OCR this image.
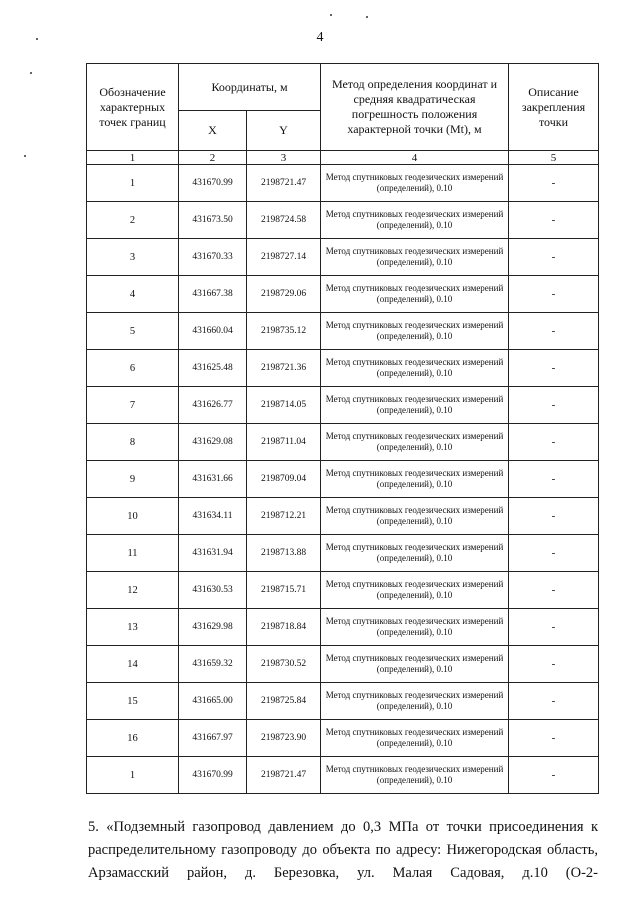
4
Обозначение характерных точек границ	Координаты, м		Метод определения координат и средняя квадратическая погрешность положения характерной точки (Mt), м	Описание закрепления точки
	X	Y		
1	2	3	4	5
1	431670.99	2198721.47	Метод спутниковых геодезических измерений (определений), 0.10	-
2	431673.50	2198724.58	Метод спутниковых геодезических измерений (определений), 0.10	-
3	431670.33	2198727.14	Метод спутниковых геодезических измерений (определений), 0.10	-
4	431667.38	2198729.06	Метод спутниковых геодезических измерений (определений), 0.10	-
5	431660.04	2198735.12	Метод спутниковых геодезических измерений (определений), 0.10	-
6	431625.48	2198721.36	Метод спутниковых геодезических измерений (определений), 0.10	-
7	431626.77	2198714.05	Метод спутниковых геодезических измерений (определений), 0.10	-
8	431629.08	2198711.04	Метод спутниковых геодезических измерений (определений), 0.10	-
9	431631.66	2198709.04	Метод спутниковых геодезических измерений (определений), 0.10	-
10	431634.11	2198712.21	Метод спутниковых геодезических измерений (определений), 0.10	-
11	431631.94	2198713.88	Метод спутниковых геодезических измерений (определений), 0.10	-
12	431630.53	2198715.71	Метод спутниковых геодезических измерений (определений), 0.10	-
13	431629.98	2198718.84	Метод спутниковых геодезических измерений (определений), 0.10	-
14	431659.32	2198730.52	Метод спутниковых геодезических измерений (определений), 0.10	-
15	431665.00	2198725.84	Метод спутниковых геодезических измерений (определений), 0.10	-
16	431667.97	2198723.90	Метод спутниковых геодезических измерений (определений), 0.10	-
1	431670.99	2198721.47	Метод спутниковых геодезических измерений (определений), 0.10	-
5. «Подземный газопровод давлением до 0,3 МПа от точки присоединения к распределительному газопроводу до объекта по адресу: Нижегородская область, Арзамасский район, д. Березовка, ул. Малая Садовая, д.10 (О-2-
